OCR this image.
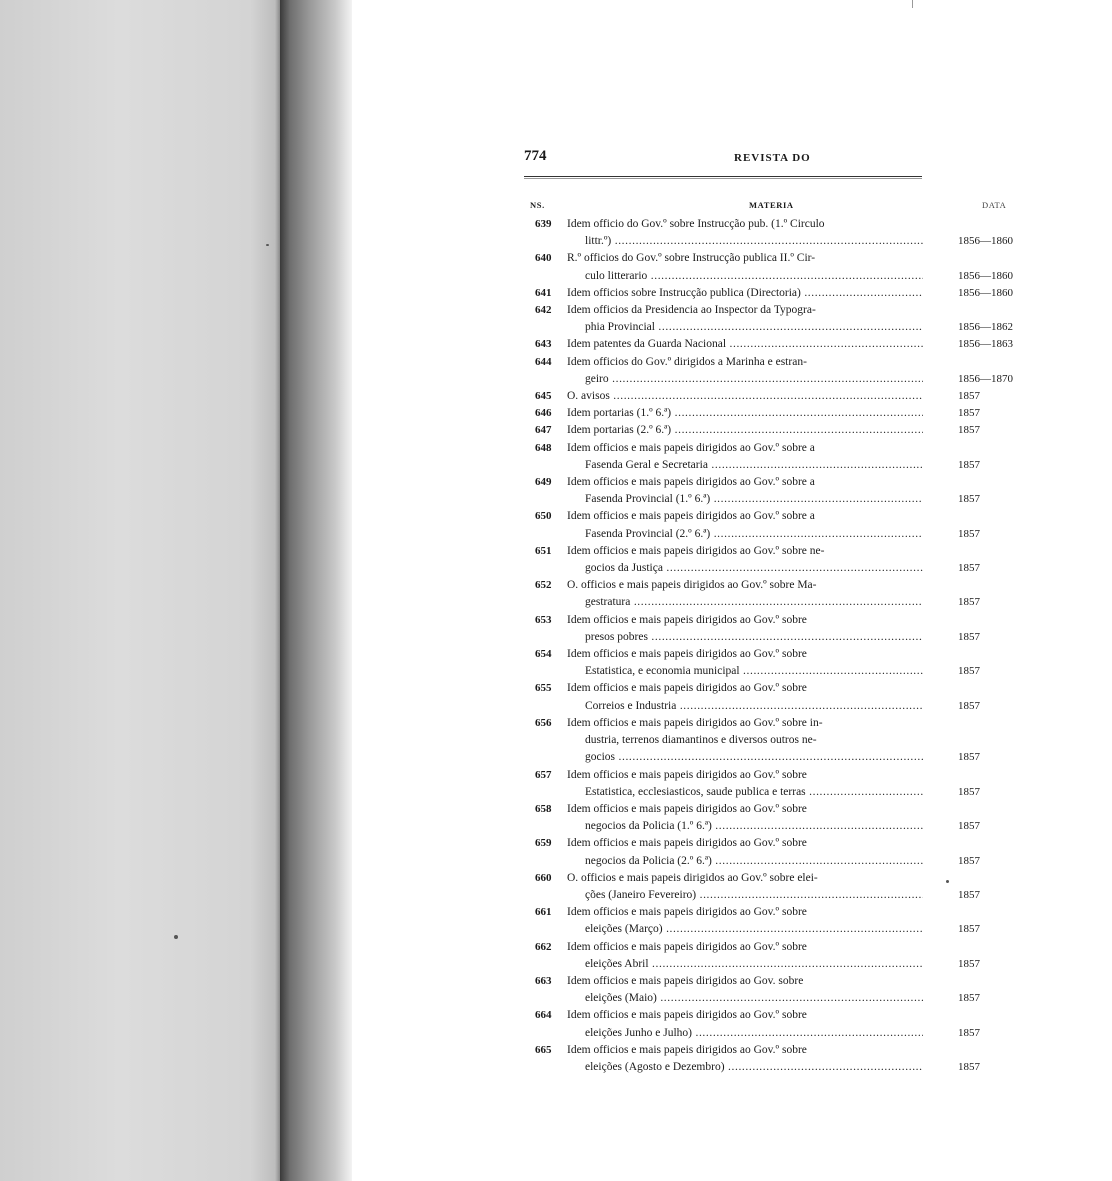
774	REVISTA DO
NS.	MATERIA	DATA
639 Idem officio do Gov.º sobre Instrucção pub. (1.º Circulo
littr.º) .....	1856—1860
640 R.º officios do Gov.º sobre Instrucção publica II.º Cir-
culo litterario .....	1856—1860
641 Idem officios sobre Instrucção publica (Directoria) .....	1856—1860
642 Idem officios da Presidencia ao Inspector da Typogra-
phia Provincial .....	1856—1862
643 Idem patentes da Guarda Nacional .....	1856—1863
644 Idem officios do Gov.º dirigidos a Marinha e estran-
geiro .....	1856—1870
645 O. avisos .....	1857
646 Idem portarias (1.º 6.ª) .....	1857
647 Idem portarias (2.º 6.ª) .....	1857
648 Idem officios e mais papeis dirigidos ao Gov.º sobre a
Fasenda Geral e Secretaria .....	1857
649 Idem officios e mais papeis dirigidos ao Gov.º sobre a
Fasenda Provincial (1.º 6.ª) .....	1857
650 Idem officios e mais papeis dirigidos ao Gov.º sobre a
Fasenda Provincial (2.º 6.ª) .....	1857
651 Idem officios e mais papeis dirigidos ao Gov.º sobre ne-
gocios da Justiça .....	1857
652 O. officios e mais papeis dirigidos ao Gov.º sobre Ma-
gestratura .....	1857
653 Idem officios e mais papeis dirigidos ao Gov.º sobre
presos pobres .....	1857
654 Idem officios e mais papeis dirigidos ao Gov.º sobre
Estatistica, e economia municipal .....	1857
655 Idem officios e mais papeis dirigidos ao Gov.º sobre
Correios e Industria .....	1857
656 Idem officios e mais papeis dirigidos ao Gov.º sobre in-
dustria, terrenos diamantinos e diversos outros ne-
gocios .....	1857
657 Idem officios e mais papeis dirigidos ao Gov.º sobre
Estatistica, ecclesiasticos, saude publica e terras .....	1857
658 Idem officios e mais papeis dirigidos ao Gov.º sobre
negocios da Policia (1.º 6.ª) .....	1857
659 Idem officios e mais papeis dirigidos ao Gov.º sobre
negocios da Policia (2.º 6.ª) .....	1857
660 O. officios e mais papeis dirigidos ao Gov.º sobre elei-
ções (Janeiro Fevereiro) .....	1857
661 Idem officios e mais papeis dirigidos ao Gov.º sobre
eleições (Março) .....	1857
662 Idem officios e mais papeis dirigidos ao Gov.º sobre
eleições Abril .....	1857
663 Idem officios e mais papeis dirigidos ao Gov. sobre
eleições (Maio) .....	1857
664 Idem officios e mais papeis dirigidos ao Gov.º sobre
eleições Junho e Julho) .....	1857
665 Idem officios e mais papeis dirigidos ao Gov.º sobre
eleições (Agosto e Dezembro) .....	1857
